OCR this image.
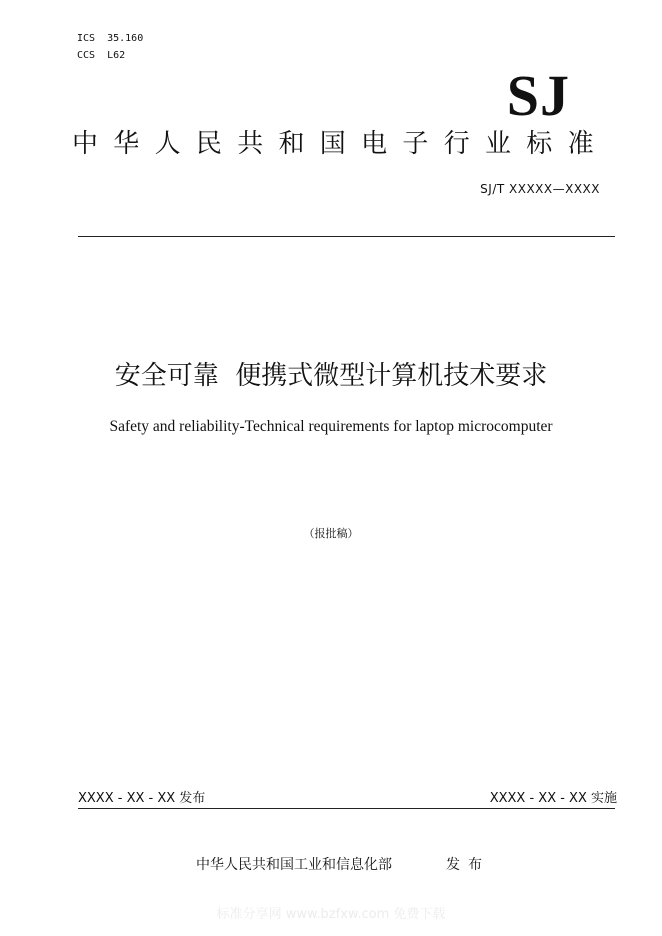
ICS  35.160
CCS  L62
SJ
中华人民共和国电子行业标准
SJ/T XXXXX—XXXX
安全可靠  便携式微型计算机技术要求
Safety and reliability-Technical requirements for laptop microcomputer
（报批稿）
XXXX - XX - XX 发布	XXXX - XX - XX 实施
中华人民共和国工业和信息化部	发布
标准分享网 www.bzfxw.com 免费下载
